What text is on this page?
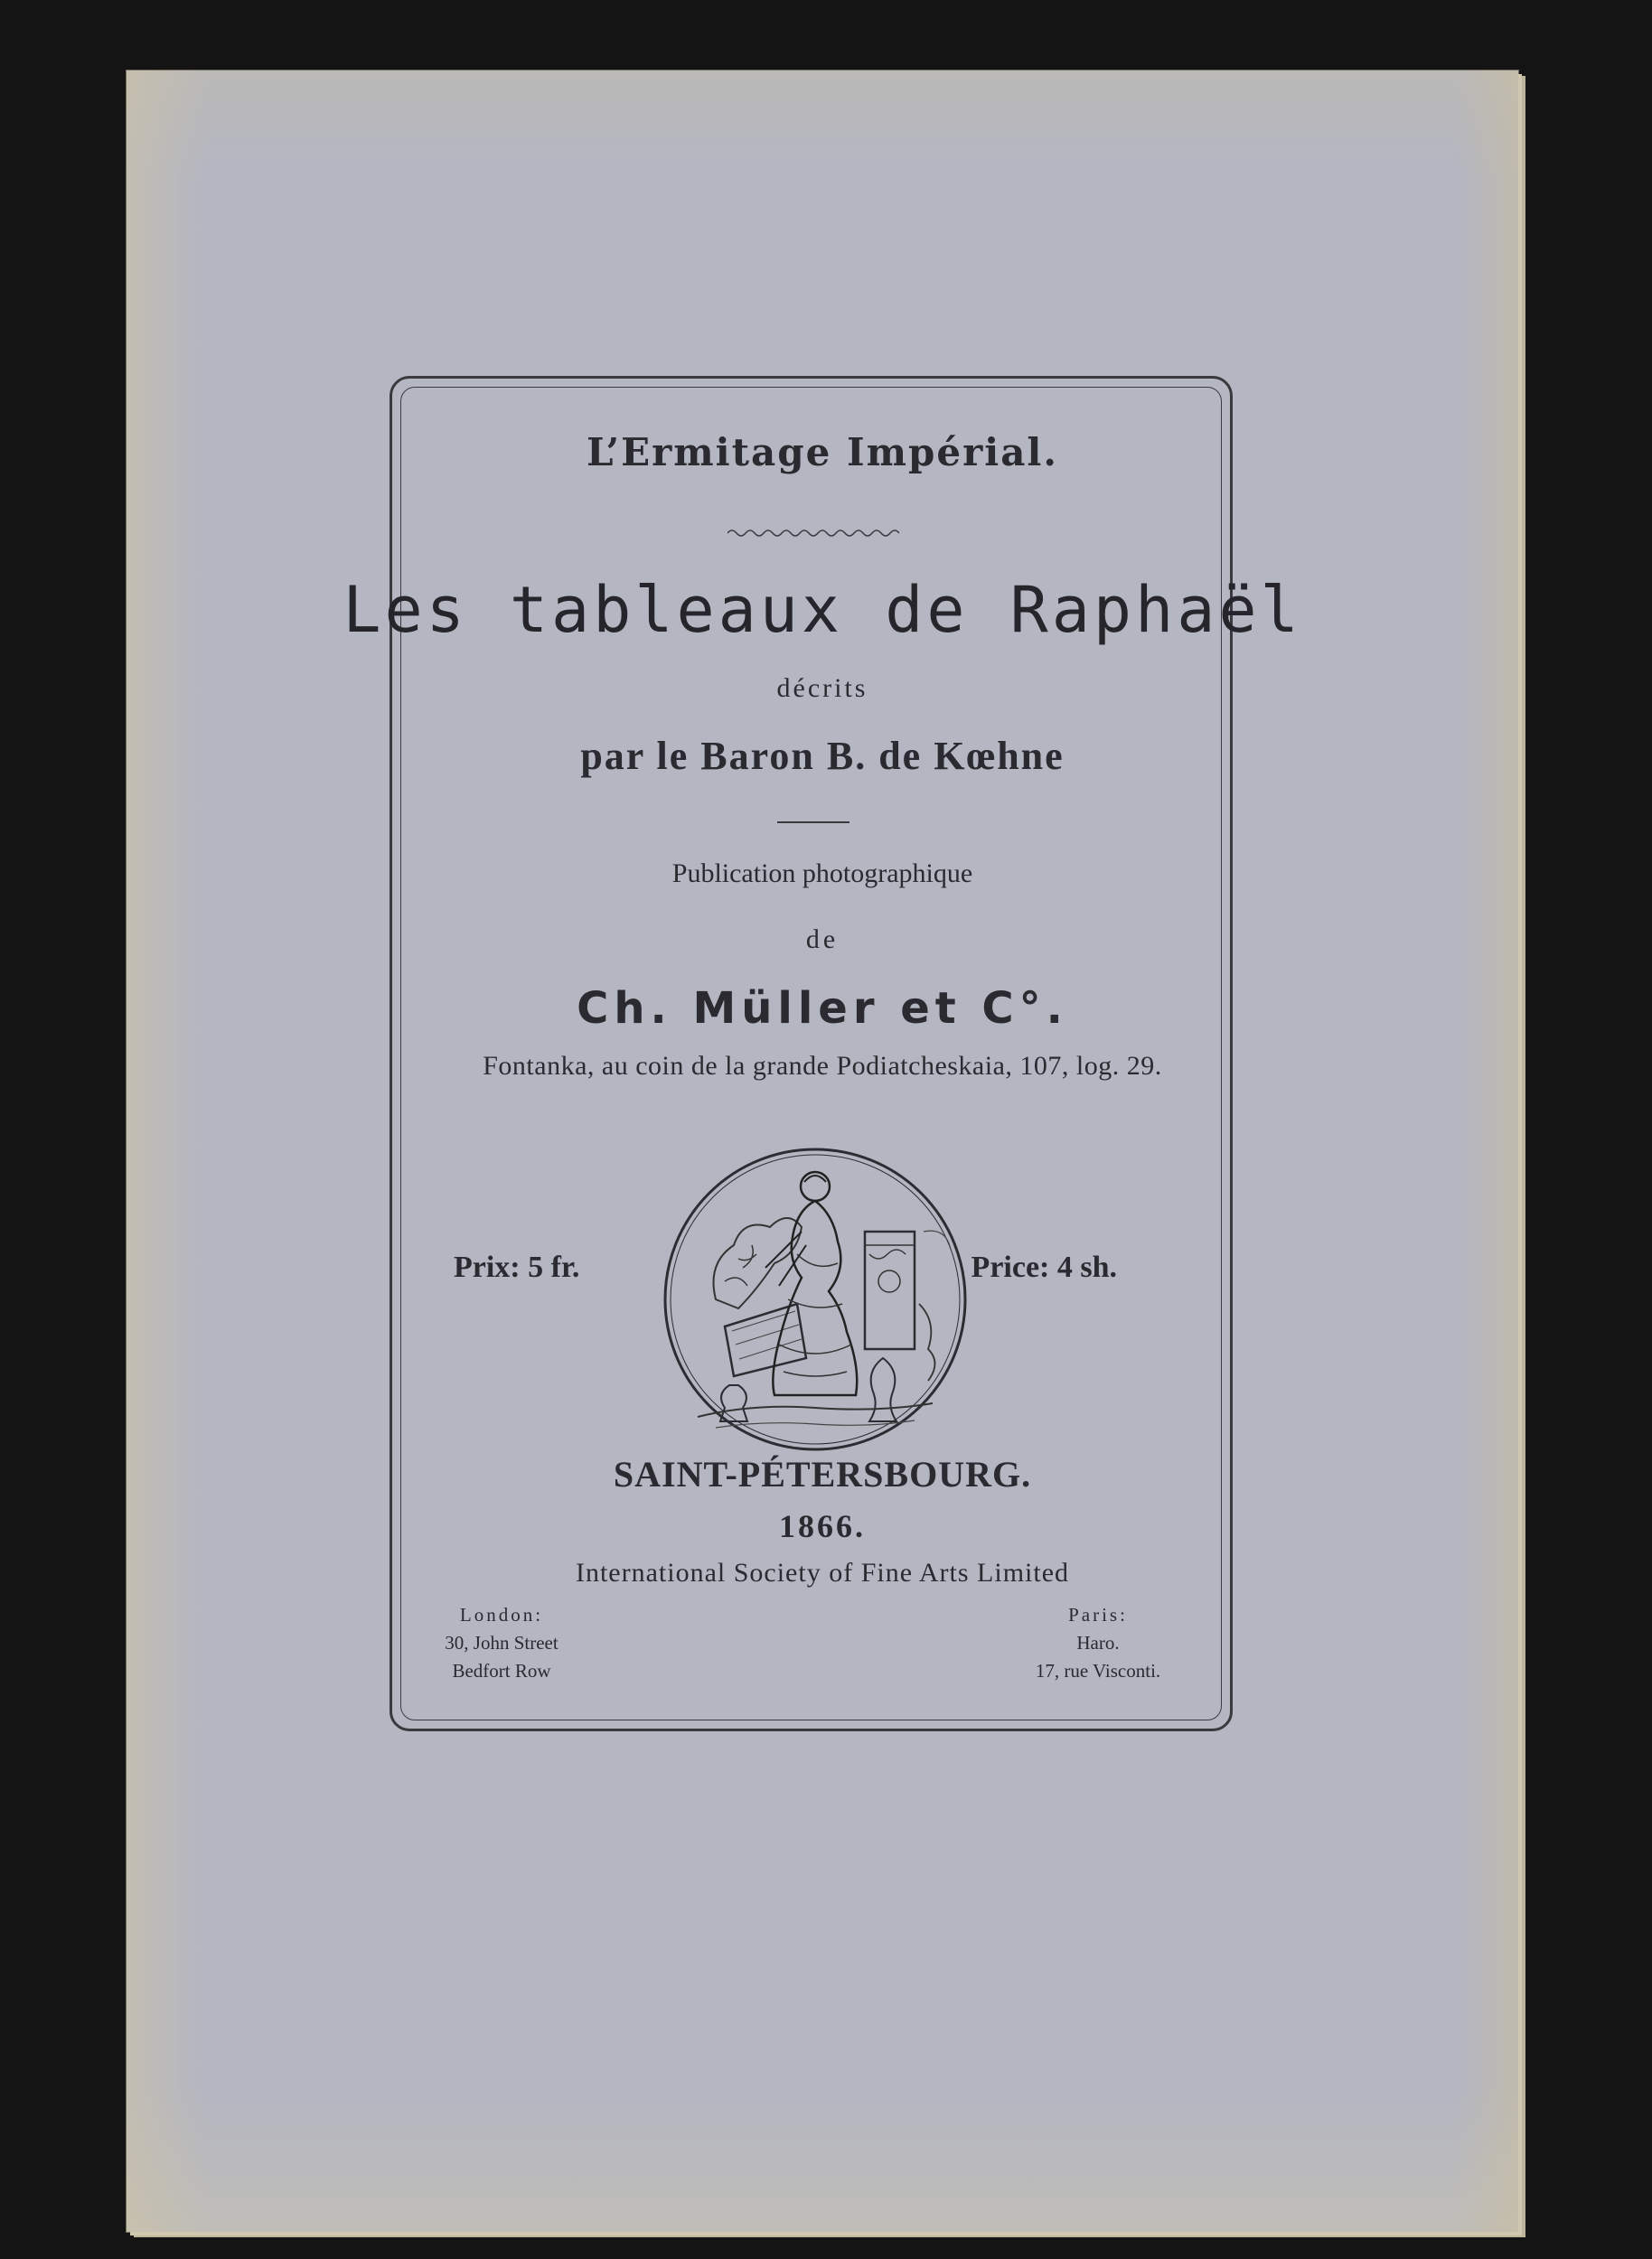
L’Ermitage Impérial.
Les tableaux de Raphaël
décrits
par le Baron B. de Kœhne
Publication photographique
de
Ch. Müller et C°.
Fontanka, au coin de la grande Podiatcheskaia, 107, log. 29.
Prix: 5 fr.	Price: 4 sh.
SAINT-PÉTERSBOURG.
1866.
International Society of Fine Arts Limited
London:
30, John Street
Bedfort Row
Paris:
Haro.
17, rue Visconti.
